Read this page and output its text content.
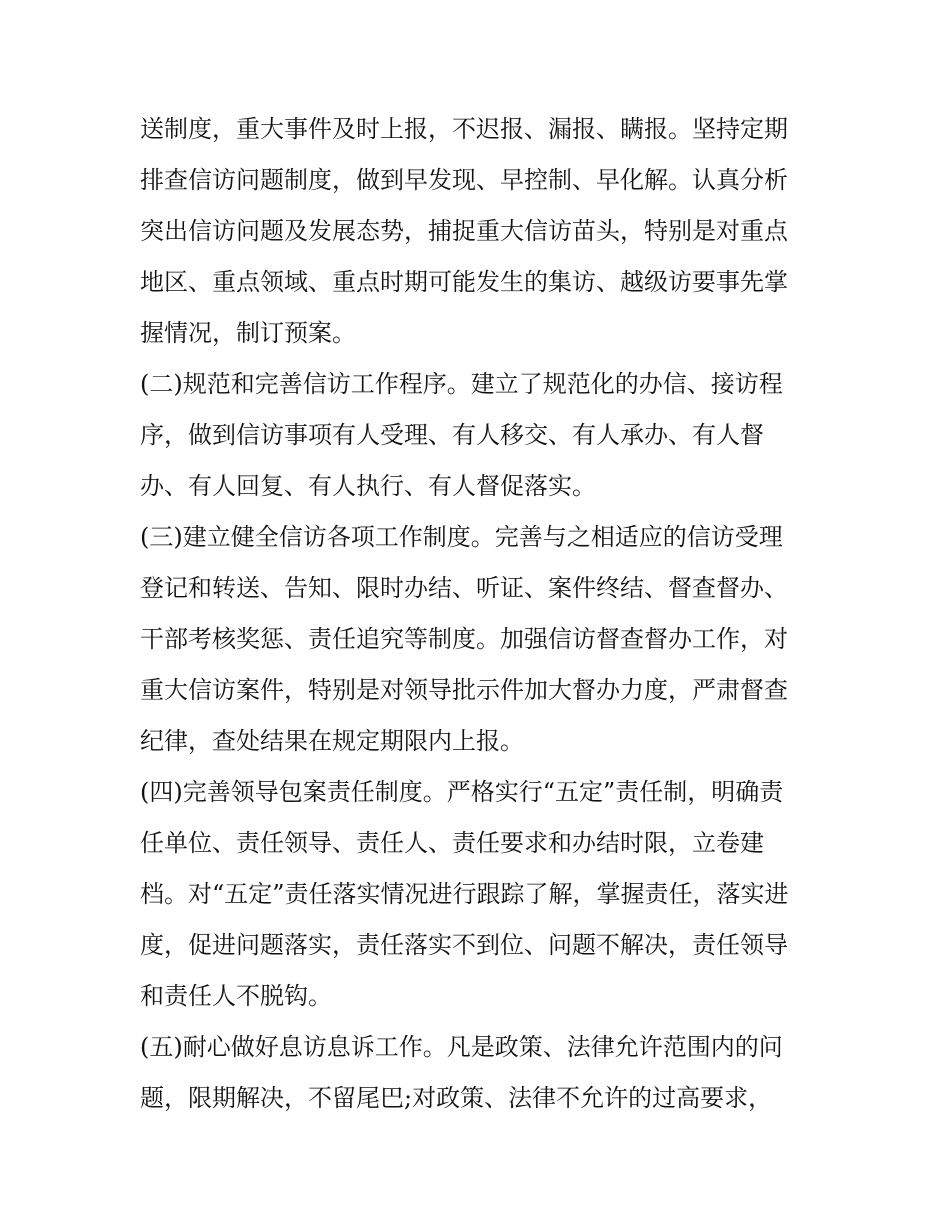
送制度，重大事件及时上报，不迟报、漏报、瞒报。坚持定期
排查信访问题制度，做到早发现、早控制、早化解。认真分析
突出信访问题及发展态势，捕捉重大信访苗头，特别是对重点
地区、重点领域、重点时期可能发生的集访、越级访要事先掌
握情况，制订预案。
(二)规范和完善信访工作程序。建立了规范化的办信、接访程
序，做到信访事项有人受理、有人移交、有人承办、有人督
办、有人回复、有人执行、有人督促落实。
(三)建立健全信访各项工作制度。完善与之相适应的信访受理
登记和转送、告知、限时办结、听证、案件终结、督查督办、
干部考核奖惩、责任追究等制度。加强信访督查督办工作，对
重大信访案件，特别是对领导批示件加大督办力度，严肃督查
纪律，查处结果在规定期限内上报。
(四)完善领导包案责任制度。严格实行“五定”责任制，明确责
任单位、责任领导、责任人、责任要求和办结时限，立卷建
档。对“五定”责任落实情况进行跟踪了解，掌握责任，落实进
度，促进问题落实，责任落实不到位、问题不解决，责任领导
和责任人不脱钩。
(五)耐心做好息访息诉工作。凡是政策、法律允许范围内的问
题，限期解决，不留尾巴;对政策、法律不允许的过高要求，
